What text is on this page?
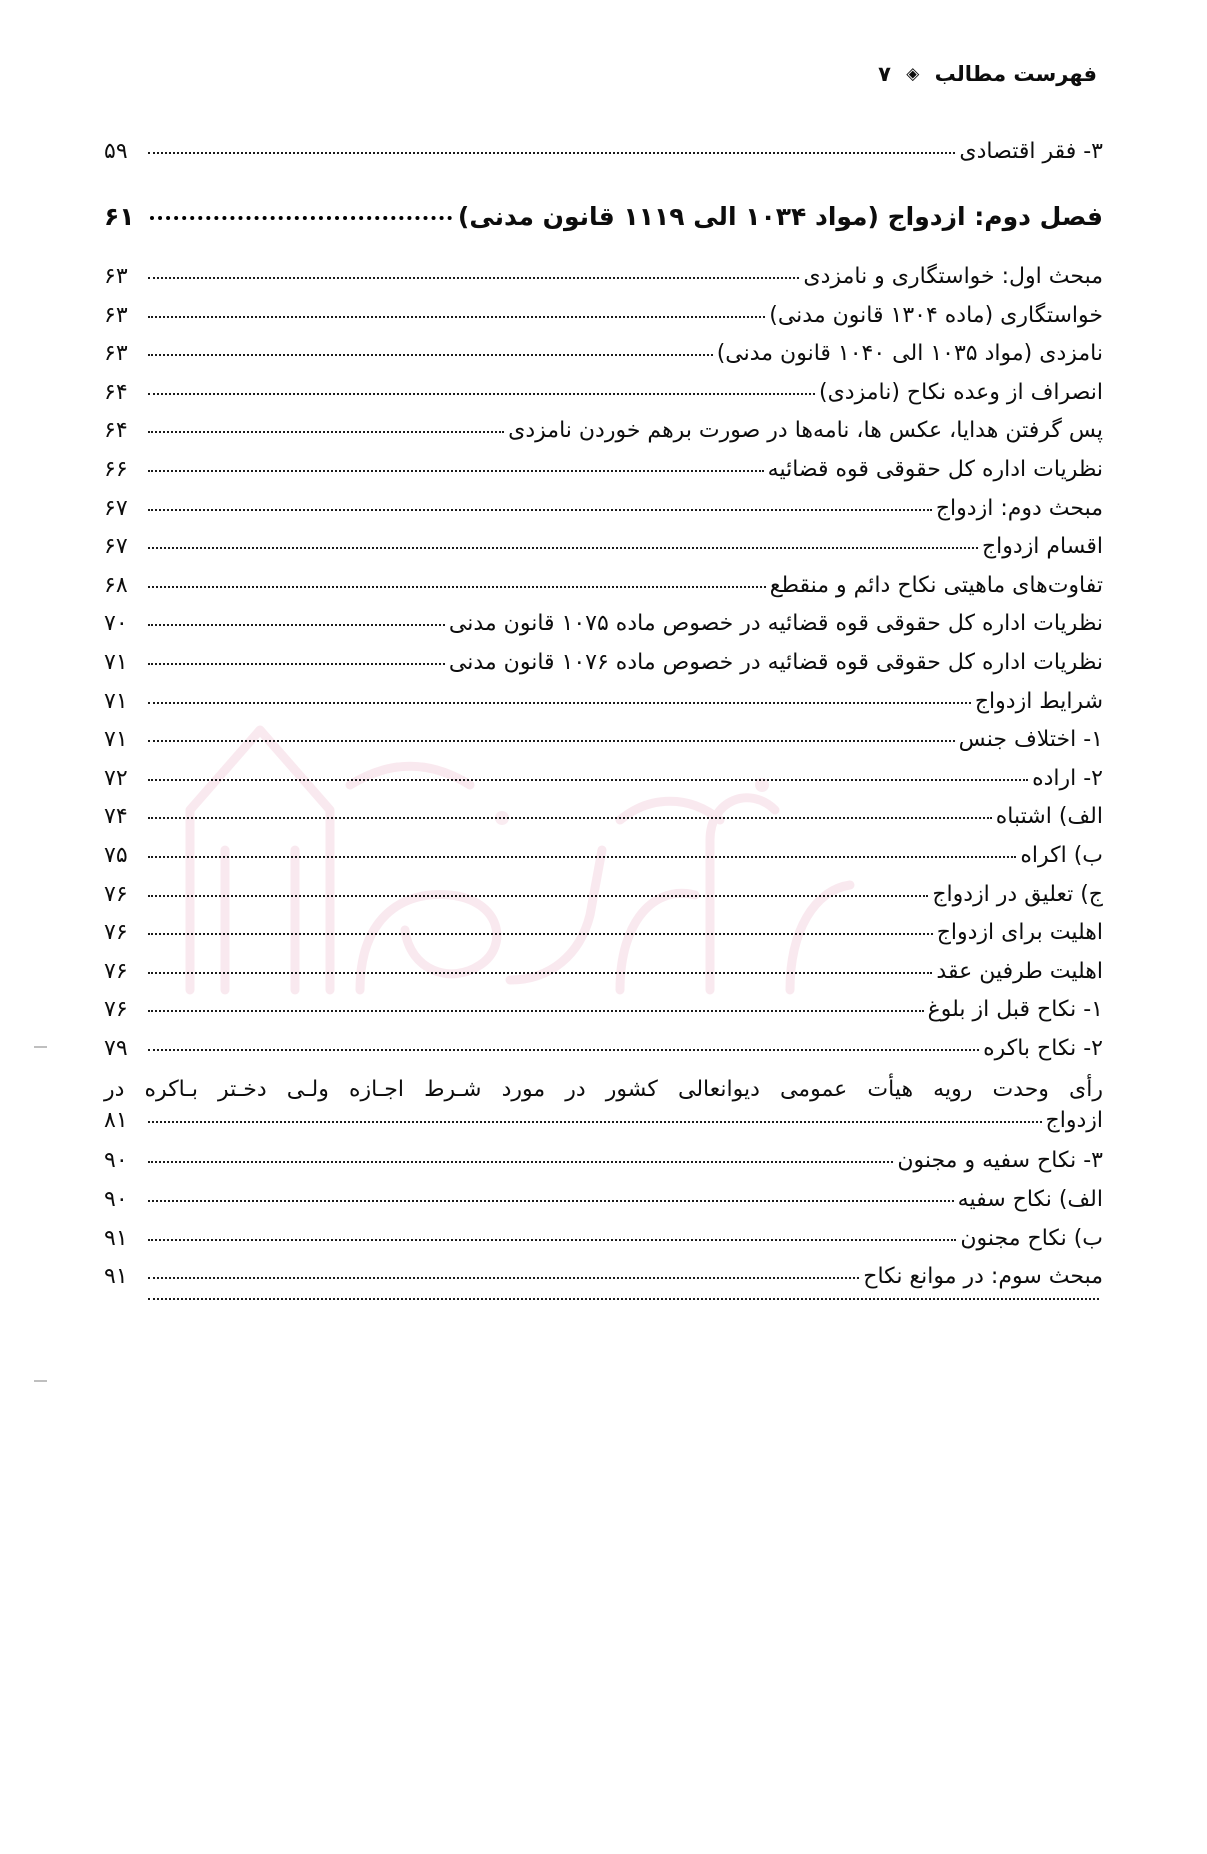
فهرست مطالب ◈ ۷
۳- فقر اقتصادی
۵۹
فصل دوم: ازدواج (مواد ۱۰۳۴ الی ۱۱۱۹ قانون مدنی)
۶۱
مبحث اول: خواستگاری و نامزدی
۶۳
خواستگاری (ماده ۱۳۰۴ قانون مدنی)
۶۳
نامزدی (مواد ۱۰۳۵ الی ۱۰۴۰ قانون مدنی)
۶۳
انصراف از وعده نکاح (نامزدی)
۶۴
پس گرفتن هدایا، عکس ها، نامه‌ها در صورت برهم خوردن نامزدی
۶۴
نظریات اداره کل حقوقی قوه قضائیه
۶۶
مبحث دوم: ازدواج
۶۷
اقسام ازدواج
۶۷
تفاوت‌های ماهیتی نکاح دائم و منقطع
۶۸
نظریات اداره کل حقوقی قوه قضائیه در خصوص ماده ۱۰۷۵ قانون مدنی
۷۰
نظریات اداره کل حقوقی قوه قضائیه در خصوص ماده ۱۰۷۶ قانون مدنی
۷۱
شرایط ازدواج
۷۱
۱- اختلاف جنس
۷۱
۲- اراده
۷۲
الف) اشتباه
۷۴
ب) اکراه
۷۵
ج) تعلیق در ازدواج
۷۶
اهلیت برای ازدواج
۷۶
اهلیت طرفین عقد
۷۶
۱- نکاح قبل از بلوغ
۷۶
۲- نکاح باکره
۷۹
رأی وحدت رویه هیأت عمومی دیوانعالی کشور در مورد شـرط اجـازه ولـی دخـتر بـاکره در
ازدواج
۸۱
۳- نکاح سفیه و مجنون
۹۰
الف) نکاح سفیه
۹۰
ب) نکاح مجنون
۹۱
مبحث سوم: در موانع نکاح
۹۱
